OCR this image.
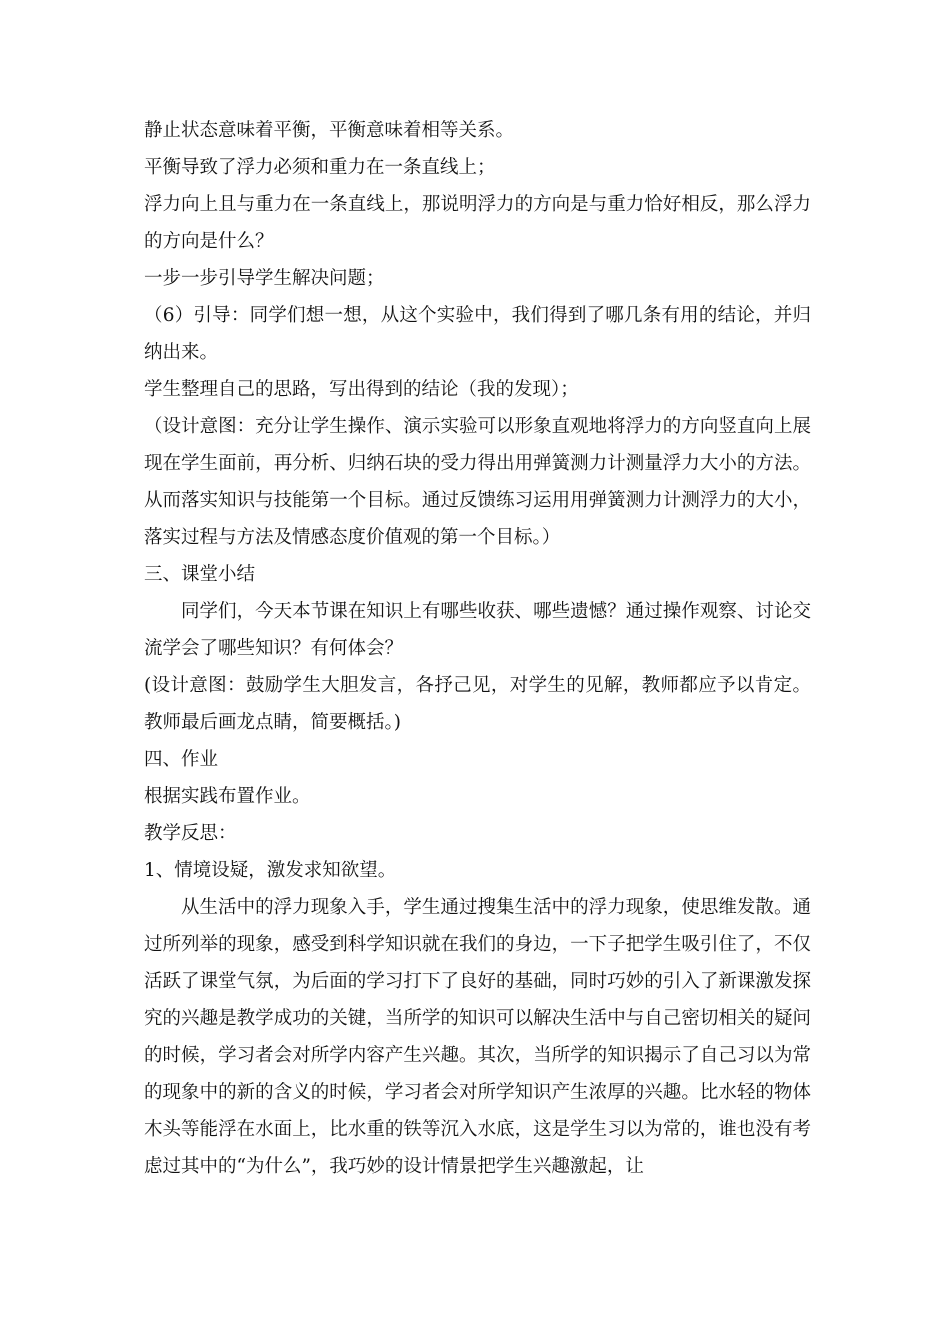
静止状态意味着平衡，平衡意味着相等关系。

平衡导致了浮力必须和重力在一条直线上；

浮力向上且与重力在一条直线上，那说明浮力的方向是与重力恰好相反，那么浮力的方向是什么？

一步一步引导学生解决问题；

（6）引导：同学们想一想，从这个实验中，我们得到了哪几条有用的结论，并归纳出来。

学生整理自己的思路，写出得到的结论（我的发现）；

（设计意图：充分让学生操作、演示实验可以形象直观地将浮力的方向竖直向上展现在学生面前，再分析、归纳石块的受力得出用弹簧测力计测量浮力大小的方法。从而落实知识与技能第一个目标。通过反馈练习运用用弹簧测力计测浮力的大小，落实过程与方法及情感态度价值观的第一个目标。）

三、课堂小结

同学们，今天本节课在知识上有哪些收获、哪些遗憾？通过操作观察、讨论交流学会了哪些知识？有何体会？

(设计意图：鼓励学生大胆发言，各抒己见，对学生的见解，教师都应予以肯定。教师最后画龙点睛，简要概括。)

四、作业

根据实践布置作业。

教学反思：

1、情境设疑，激发求知欲望。

从生活中的浮力现象入手，学生通过搜集生活中的浮力现象，使思维发散。通过所列举的现象，感受到科学知识就在我们的身边，一下子把学生吸引住了，不仅活跃了课堂气氛，为后面的学习打下了良好的基础，同时巧妙的引入了新课激发探究的兴趣是教学成功的关键，当所学的知识可以解决生活中与自己密切相关的疑问的时候，学习者会对所学内容产生兴趣。其次，当所学的知识揭示了自己习以为常的现象中的新的含义的时候，学习者会对所学知识产生浓厚的兴趣。比水轻的物体木头等能浮在水面上，比水重的铁等沉入水底，这是学生习以为常的，谁也没有考虑过其中的“为什么”，我巧妙的设计情景把学生兴趣激起，让
